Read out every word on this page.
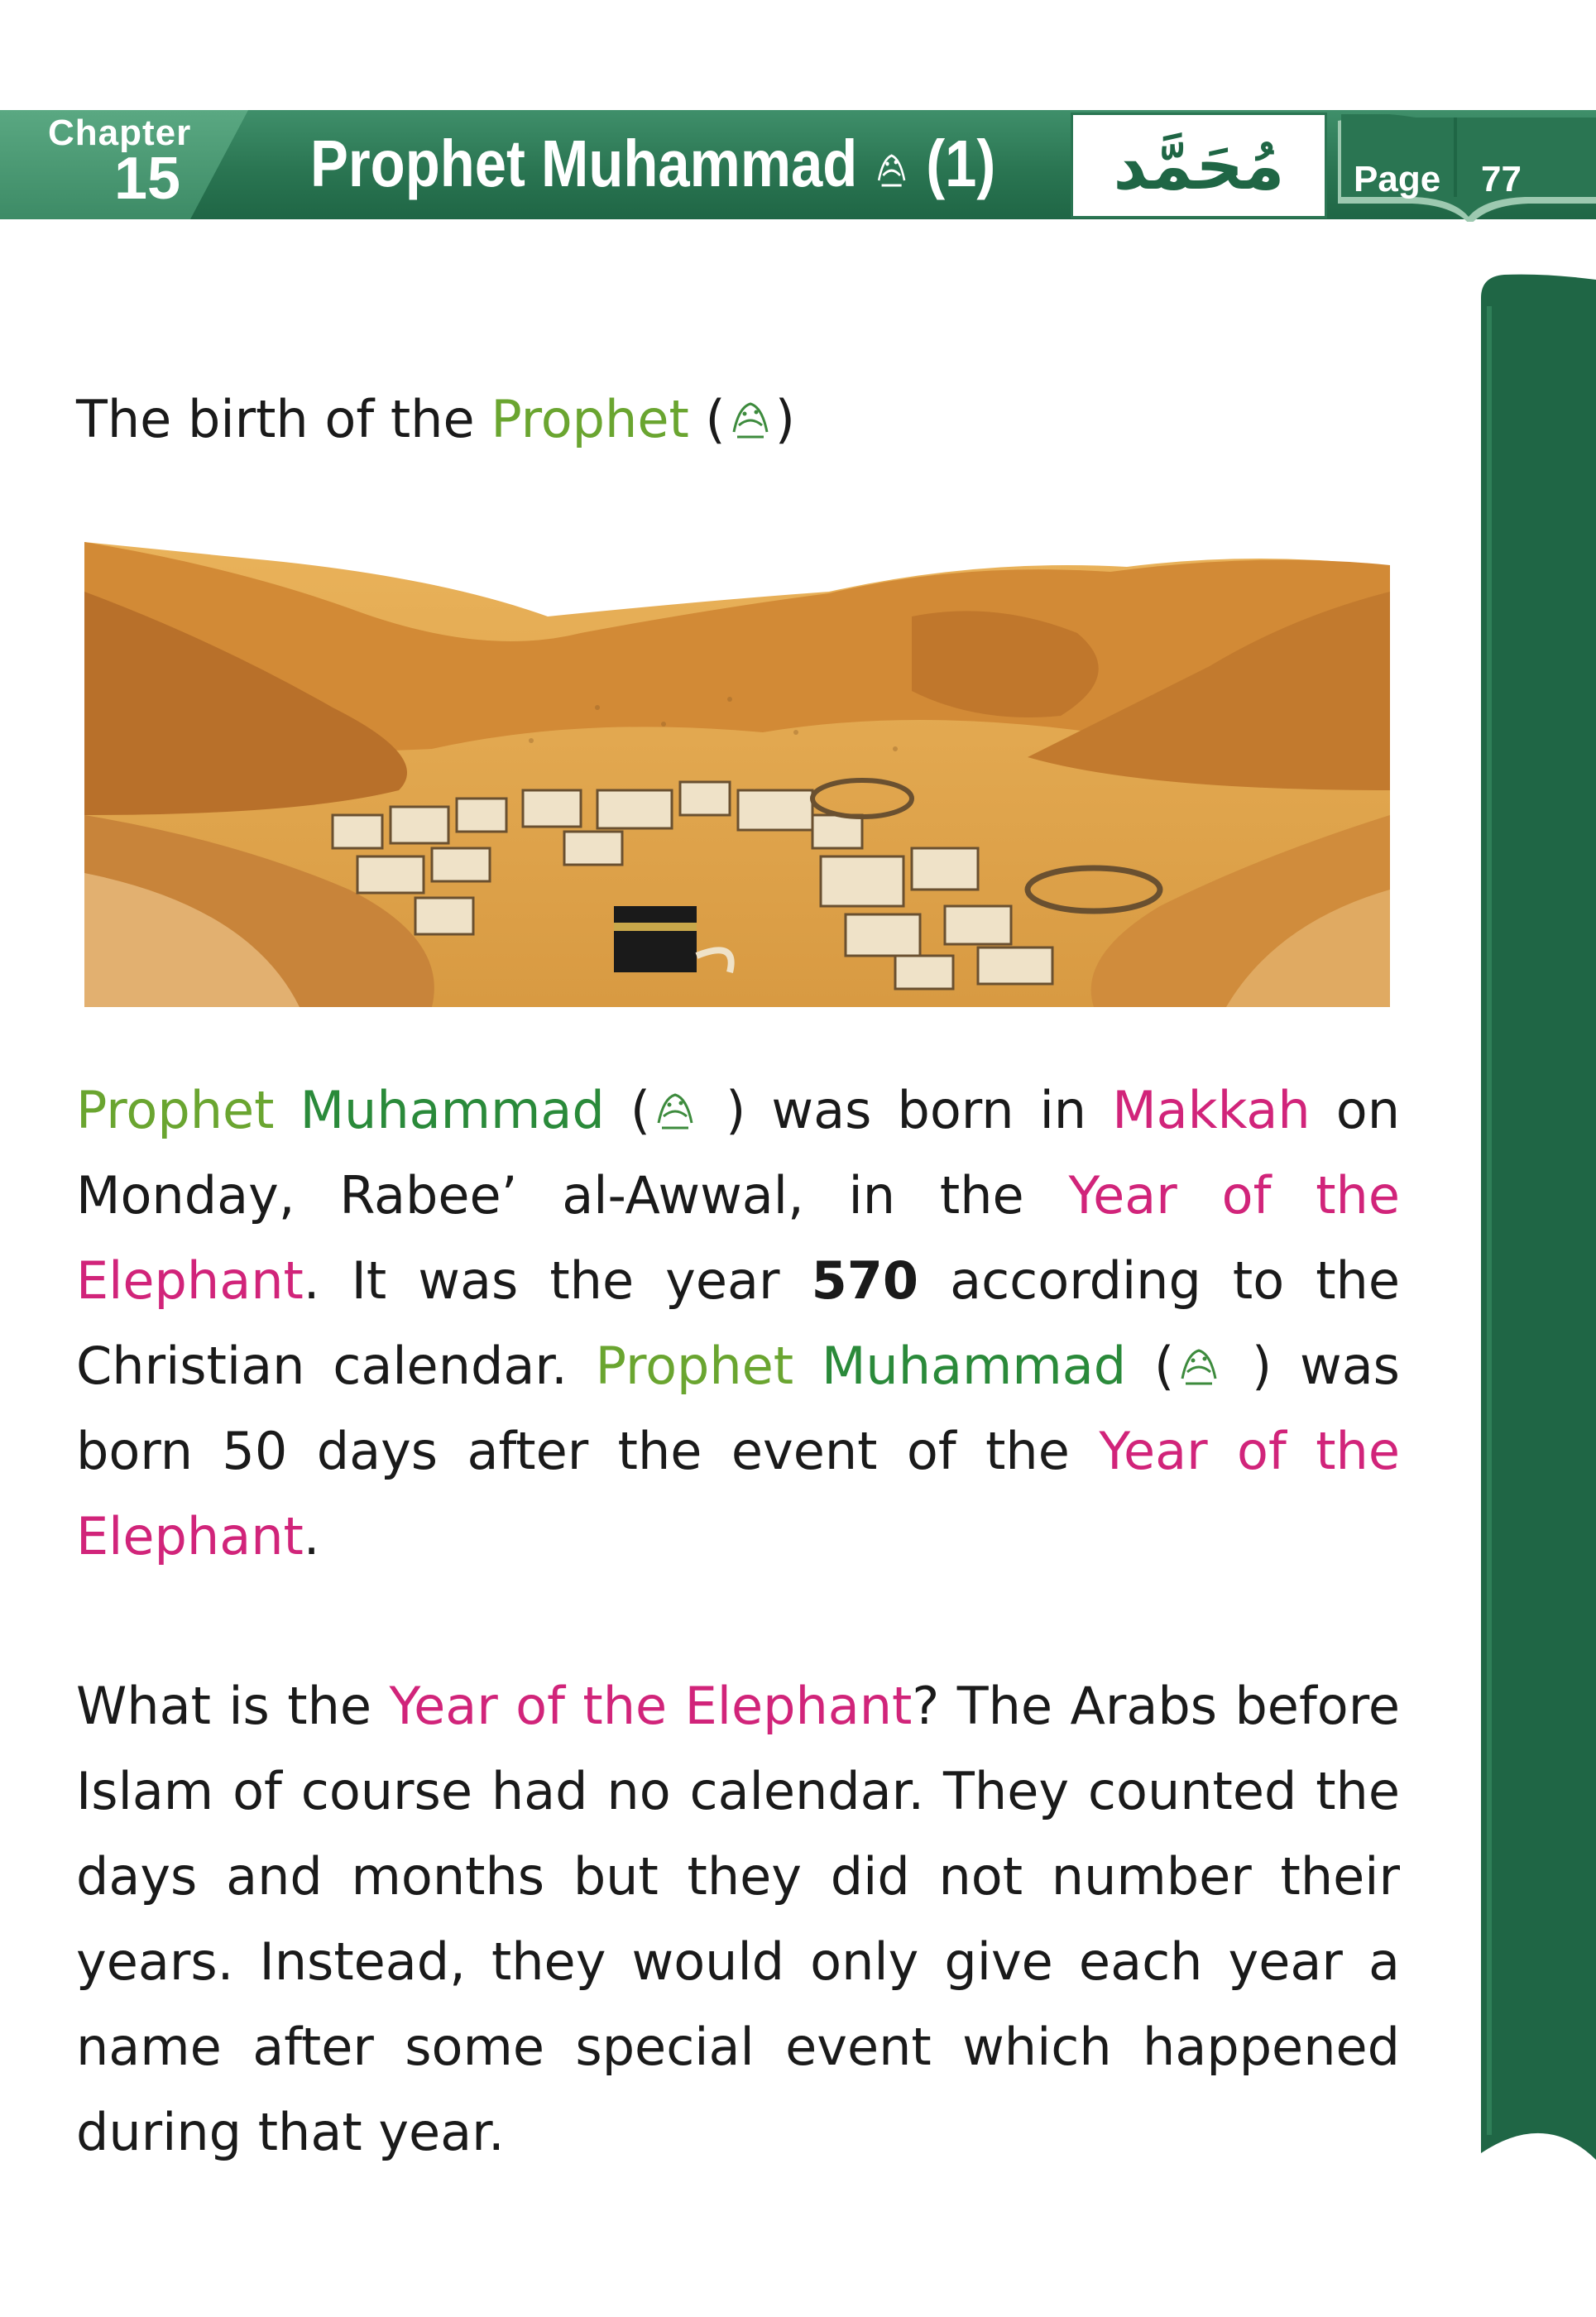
Chapter
15 Prophet Muhammad (1) مُحَمَّد Page 77
The birth of the Prophet ( )
Prophet Muhammad ( ) was born in Makkah on Monday, Rabee’ al-Awwal, in the Year of the Elephant. It was the year 570 according to the Christian calendar. Prophet Muhammad ( ) was born 50 days after the event of the Year of the Elephant.
What is the Year of the Elephant? The Arabs before Islam of course had no calendar. They counted the days and months but they did not number their years. Instead, they would only give each year a name after some special event which happened during that year.
